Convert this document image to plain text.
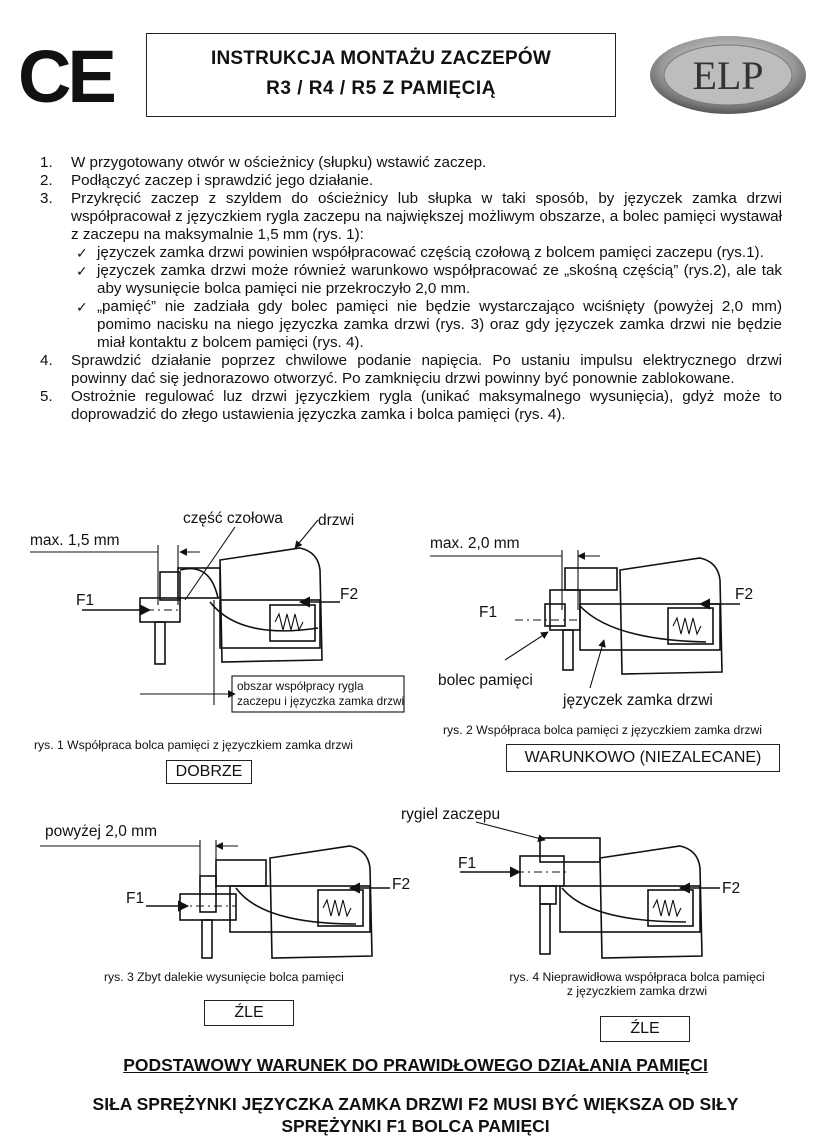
CE	INSTRUKCJA MONTAŻU ZACZEPÓW
R3 / R4 / R5 Z PAMIĘCIĄ	ELP
1. W przygotowany otwór w ościeżnicy (słupku) wstawić zaczep.
2. Podłączyć zaczep i sprawdzić jego działanie.
3. Przykręcić zaczep z szyldem do ościeżnicy lub słupka w taki sposób, by języczek zamka drzwi współpracował z języczkiem rygla zaczepu na największej możliwym obszarze, a bolec pamięci wystawał z zaczepu na maksymalnie 1,5 mm (rys. 1):
✓ języczek zamka drzwi powinien współpracować częścią czołową z bolcem pamięci zaczepu (rys.1).
✓ języczek zamka drzwi może również warunkowo współpracować ze „skośną częścią” (rys.2), ale tak aby wysunięcie bolca pamięci nie przekroczyło 2,0 mm.
✓ „pamięć” nie zadziała gdy bolec pamięci nie będzie wystarczająco wciśnięty (powyżej 2,0 mm) pomimo nacisku na niego języczka zamka drzwi (rys. 3) oraz gdy języczek zamka drzwi nie będzie miał kontaktu z bolcem pamięci (rys. 4).
4. Sprawdzić działanie poprzez chwilowe podanie napięcia. Po ustaniu impulsu elektrycznego drzwi powinny dać się jednorazowo otworzyć. Po zamknięciu drzwi powinny być ponownie zablokowane.
5. Ostrożnie regulować luz drzwi języczkiem rygla (unikać maksymalnego wysunięcia), gdyż może to doprowadzić do złego ustawienia języczka zamka i bolca pamięci (rys. 4).
część czołowa drzwi
max. 1,5 mm
F1	F2
obszar współpracy rygla
zaczepu i języczka zamka drzwi
rys. 1 Współpraca bolca pamięci z języczkiem zamka drzwi
DOBRZE
max. 2,0 mm
F1
F2
bolec pamięci
języczek zamka drzwi
rys. 2 Współpraca bolca pamięci z języczkiem zamka drzwi
WARUNKOWO (NIEZALECANE)
powyżej 2,0 mm
F1
F2
rys. 3 Zbyt dalekie wysunięcie bolca pamięci
ŹLE
rygiel zaczepu
F1
F2
rys. 4 Nieprawidłowa współpraca bolca pamięci
z języczkiem zamka drzwi
ŹLE
PODSTAWOWY WARUNEK DO PRAWIDŁOWEGO DZIAŁANIA PAMIĘCI
SIŁA SPRĘŻYNKI JĘZYCZKA ZAMKA DRZWI F2 MUSI BYĆ WIĘKSZA OD SIŁY
SPRĘŻYNKI F1 BOLCA PAMIĘCI
